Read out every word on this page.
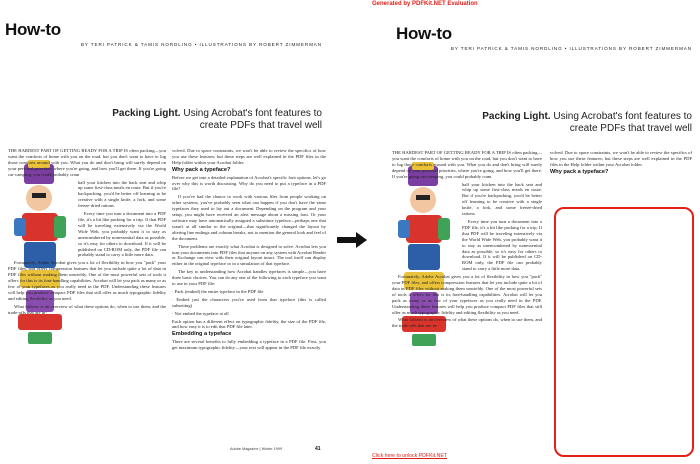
How-to
BY TERI PATRICK & TAMIS NORDLING • ILLUSTRATIONS BY ROBERT ZIMMERMAN
Packing Light. Using Acrobat's font features to create PDFs that travel well

THE HARDEST PART OF GETTING READY FOR A TRIP IS often packing—you want the comforts of home with you on the road, but you don't want to have to lug those comforts around with you. What you do and don't bring will surely depend on your personal priorities, where you're going, and how you'll get there. If you're going car-camping, you could probably cram

half your kitchen into the back seat and whip up some first-class meals en route. But if you're backpacking, you'd be better off learning to be creative with a single knife, a fork, and some freeze-dried rations.

Every time you turn a document into a PDF file, it's a bit like packing for a trip. If that PDF will be traveling extensively via the World Wide Web, you probably want it to stay as unencumbered by nonessential data as possible, so it's easy for others to download. If it will be published on CD-ROM only, the PDF file can probably stand to carry a little more data.

Fortunately, Adobe Acrobat gives you a lot of flexibility in how you "pack" your PDF files, and offers compression features that let you include quite a lot of data in PDF files without making them unwieldy. One of the most powerful sets of tools it offers for this is its font-handling capabilities. Acrobat will let you pack as many or as few of your typefaces as you really need in the PDF. Understanding these features will help you produce compact PDF files that still offer as much typographic fidelity and editing flexibility as you need.

What follows is an overview of what these options do, when to use them, and the trade-offs that are in-

volved. Due to space constraints, we won't be able to review the specifics of how you use these features; but these steps are well explained in the PDF files in the Help folder within your Acrobat folder.

Why pack a typeface?

Before we get into a detailed explanation of Acrobat's specific font options, let's go over why this is worth discussing. Why do you need to put a typeface in a PDF file?

If you've had the chance to work with various files from people working on other systems, you've probably seen what can happen if you don't have the same typefaces they used to lay out a document. Depending on the program and your setup, you might have received an alert message about a missing font. Or your software may have automatically assigned a substitute typeface—perhaps one that wasn't at all similar to the original—that significantly changed the layout by altering line endings and column breaks, not to mention the general look and feel of the document.

These problems are exactly what Acrobat is designed to solve. Acrobat lets you turn your documents into PDF files that anyone on any system with Acrobat Reader or Exchange can view with their original layout intact. The tool itself can display either in the original typeface or in a simulation of that typeface.

The key to understanding how Acrobat handles typefaces is simple—you have three basic choices. You can do any one of the following to each typeface you want to use in your PDF file:

· Pack (embed) the entire typeface in the PDF file

· Embed just the characters you've used from that typeface (this is called subsetting)

· Not embed the typeface at all

Each option has a different effect on typographic fidelity, the size of the PDF file, and how easy it is to edit that PDF file later.

Embedding a typeface

There are several benefits to fully embedding a typeface in a PDF file. First, you get maximum typographic fidelity—your text will appear in the PDF file exactly

Adobe Magazine | Winter 1999	41
Generated by PDFKit.NET Evaluation
How-to
BY TERI PATRICK & TAMIS NORDLING • ILLUSTRATIONS BY ROBERT ZIMMERMAN
Packing Light. Using Acrobat's font features to create PDFs that travel well

THE HARDEST PART OF GETTING READY FOR A TRIP IS often packing—you want the comforts of home with you on the road, but you don't want to have to lug those comforts around with you. What you do and don't bring will surely depend on your personal priorities, where you're going, and how you'll get there. If you're going car-camping, you could probably cram

half your kitchen into the back seat and whip up some first-class meals en route. But if you're backpacking, you'd be better off learning to be creative with a single knife, a fork, and some freeze-dried rations.

Every time you turn a document into a PDF file, it's a bit like packing for a trip. If that PDF will be traveling extensively via the World Wide Web, you probably want it to stay as unencumbered by nonessential data as possible, so it's easy for others to download. If it will be published on CD-ROM only, the PDF file can probably stand to carry a little more data.

Fortunately, Adobe Acrobat gives you a lot of flexibility in how you "pack" your PDF files, and offers compression features that let you include quite a lot of data in PDF files without making them unwieldy. One of the most powerful sets of tools it offers for this is its font-handling capabilities. Acrobat will let you pack as many or as few of your typefaces as you really need in the PDF. Understanding these features will help you produce compact PDF files that still offer as much typographic fidelity and editing flexibility as you need.

What follows is an overview of what these options do, when to use them, and the trade-offs that are in-

volved. Due to space constraints, we won't be able to review the specifics of how you use these features; but these steps are well explained in the PDF files in the Help folder within your Acrobat folder.

Why pack a typeface?
Click here to unlock PDFKit.NET
